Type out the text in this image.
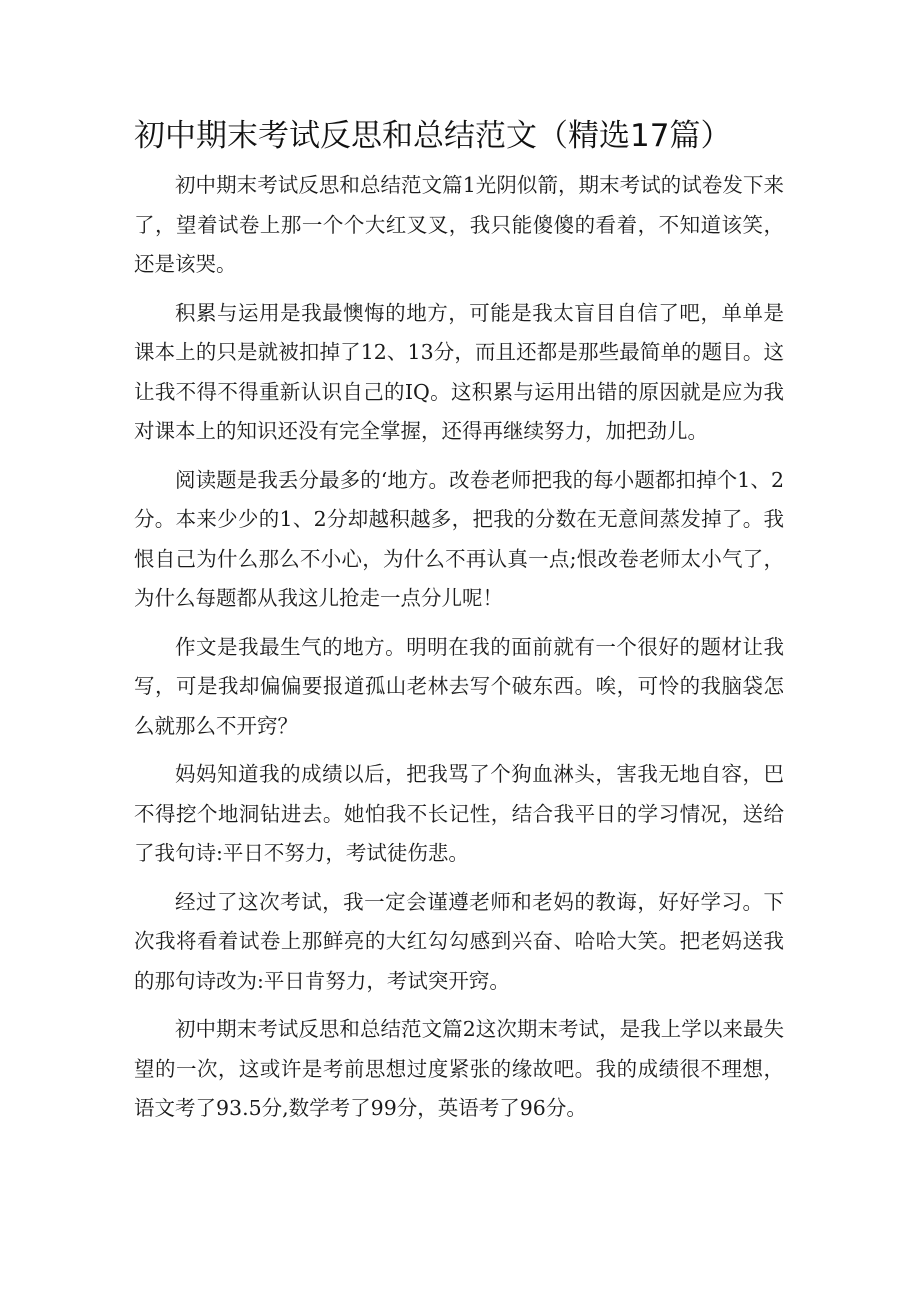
初中期末考试反思和总结范文（精选17篇）

初中期末考试反思和总结范文篇1光阴似箭，期末考试的试卷发下来了，望着试卷上那一个个大红叉叉，我只能傻傻的看着，不知道该笑，还是该哭。

积累与运用是我最懊悔的地方，可能是我太盲目自信了吧，单单是课本上的只是就被扣掉了12、13分，而且还都是那些最简单的题目。这让我不得不得重新认识自己的IQ。这积累与运用出错的原因就是应为我对课本上的知识还没有完全掌握，还得再继续努力，加把劲儿。

阅读题是我丢分最多的‘地方。改卷老师把我的每小题都扣掉个1、2分。本来少少的1、2分却越积越多，把我的分数在无意间蒸发掉了。我恨自己为什么那么不小心，为什么不再认真一点;恨改卷老师太小气了，为什么每题都从我这儿抢走一点分儿呢！

作文是我最生气的地方。明明在我的面前就有一个很好的题材让我写，可是我却偏偏要报道孤山老林去写个破东西。唉，可怜的我脑袋怎么就那么不开窍？

妈妈知道我的成绩以后，把我骂了个狗血淋头，害我无地自容，巴不得挖个地洞钻进去。她怕我不长记性，结合我平日的学习情况，送给了我句诗:平日不努力，考试徒伤悲。

经过了这次考试，我一定会谨遵老师和老妈的教诲，好好学习。下次我将看着试卷上那鲜亮的大红勾勾感到兴奋、哈哈大笑。把老妈送我的那句诗改为:平日肯努力，考试突开窍。

初中期末考试反思和总结范文篇2这次期末考试，是我上学以来最失望的一次，这或许是考前思想过度紧张的缘故吧。我的成绩很不理想，语文考了93.5分,数学考了99分，英语考了96分。
